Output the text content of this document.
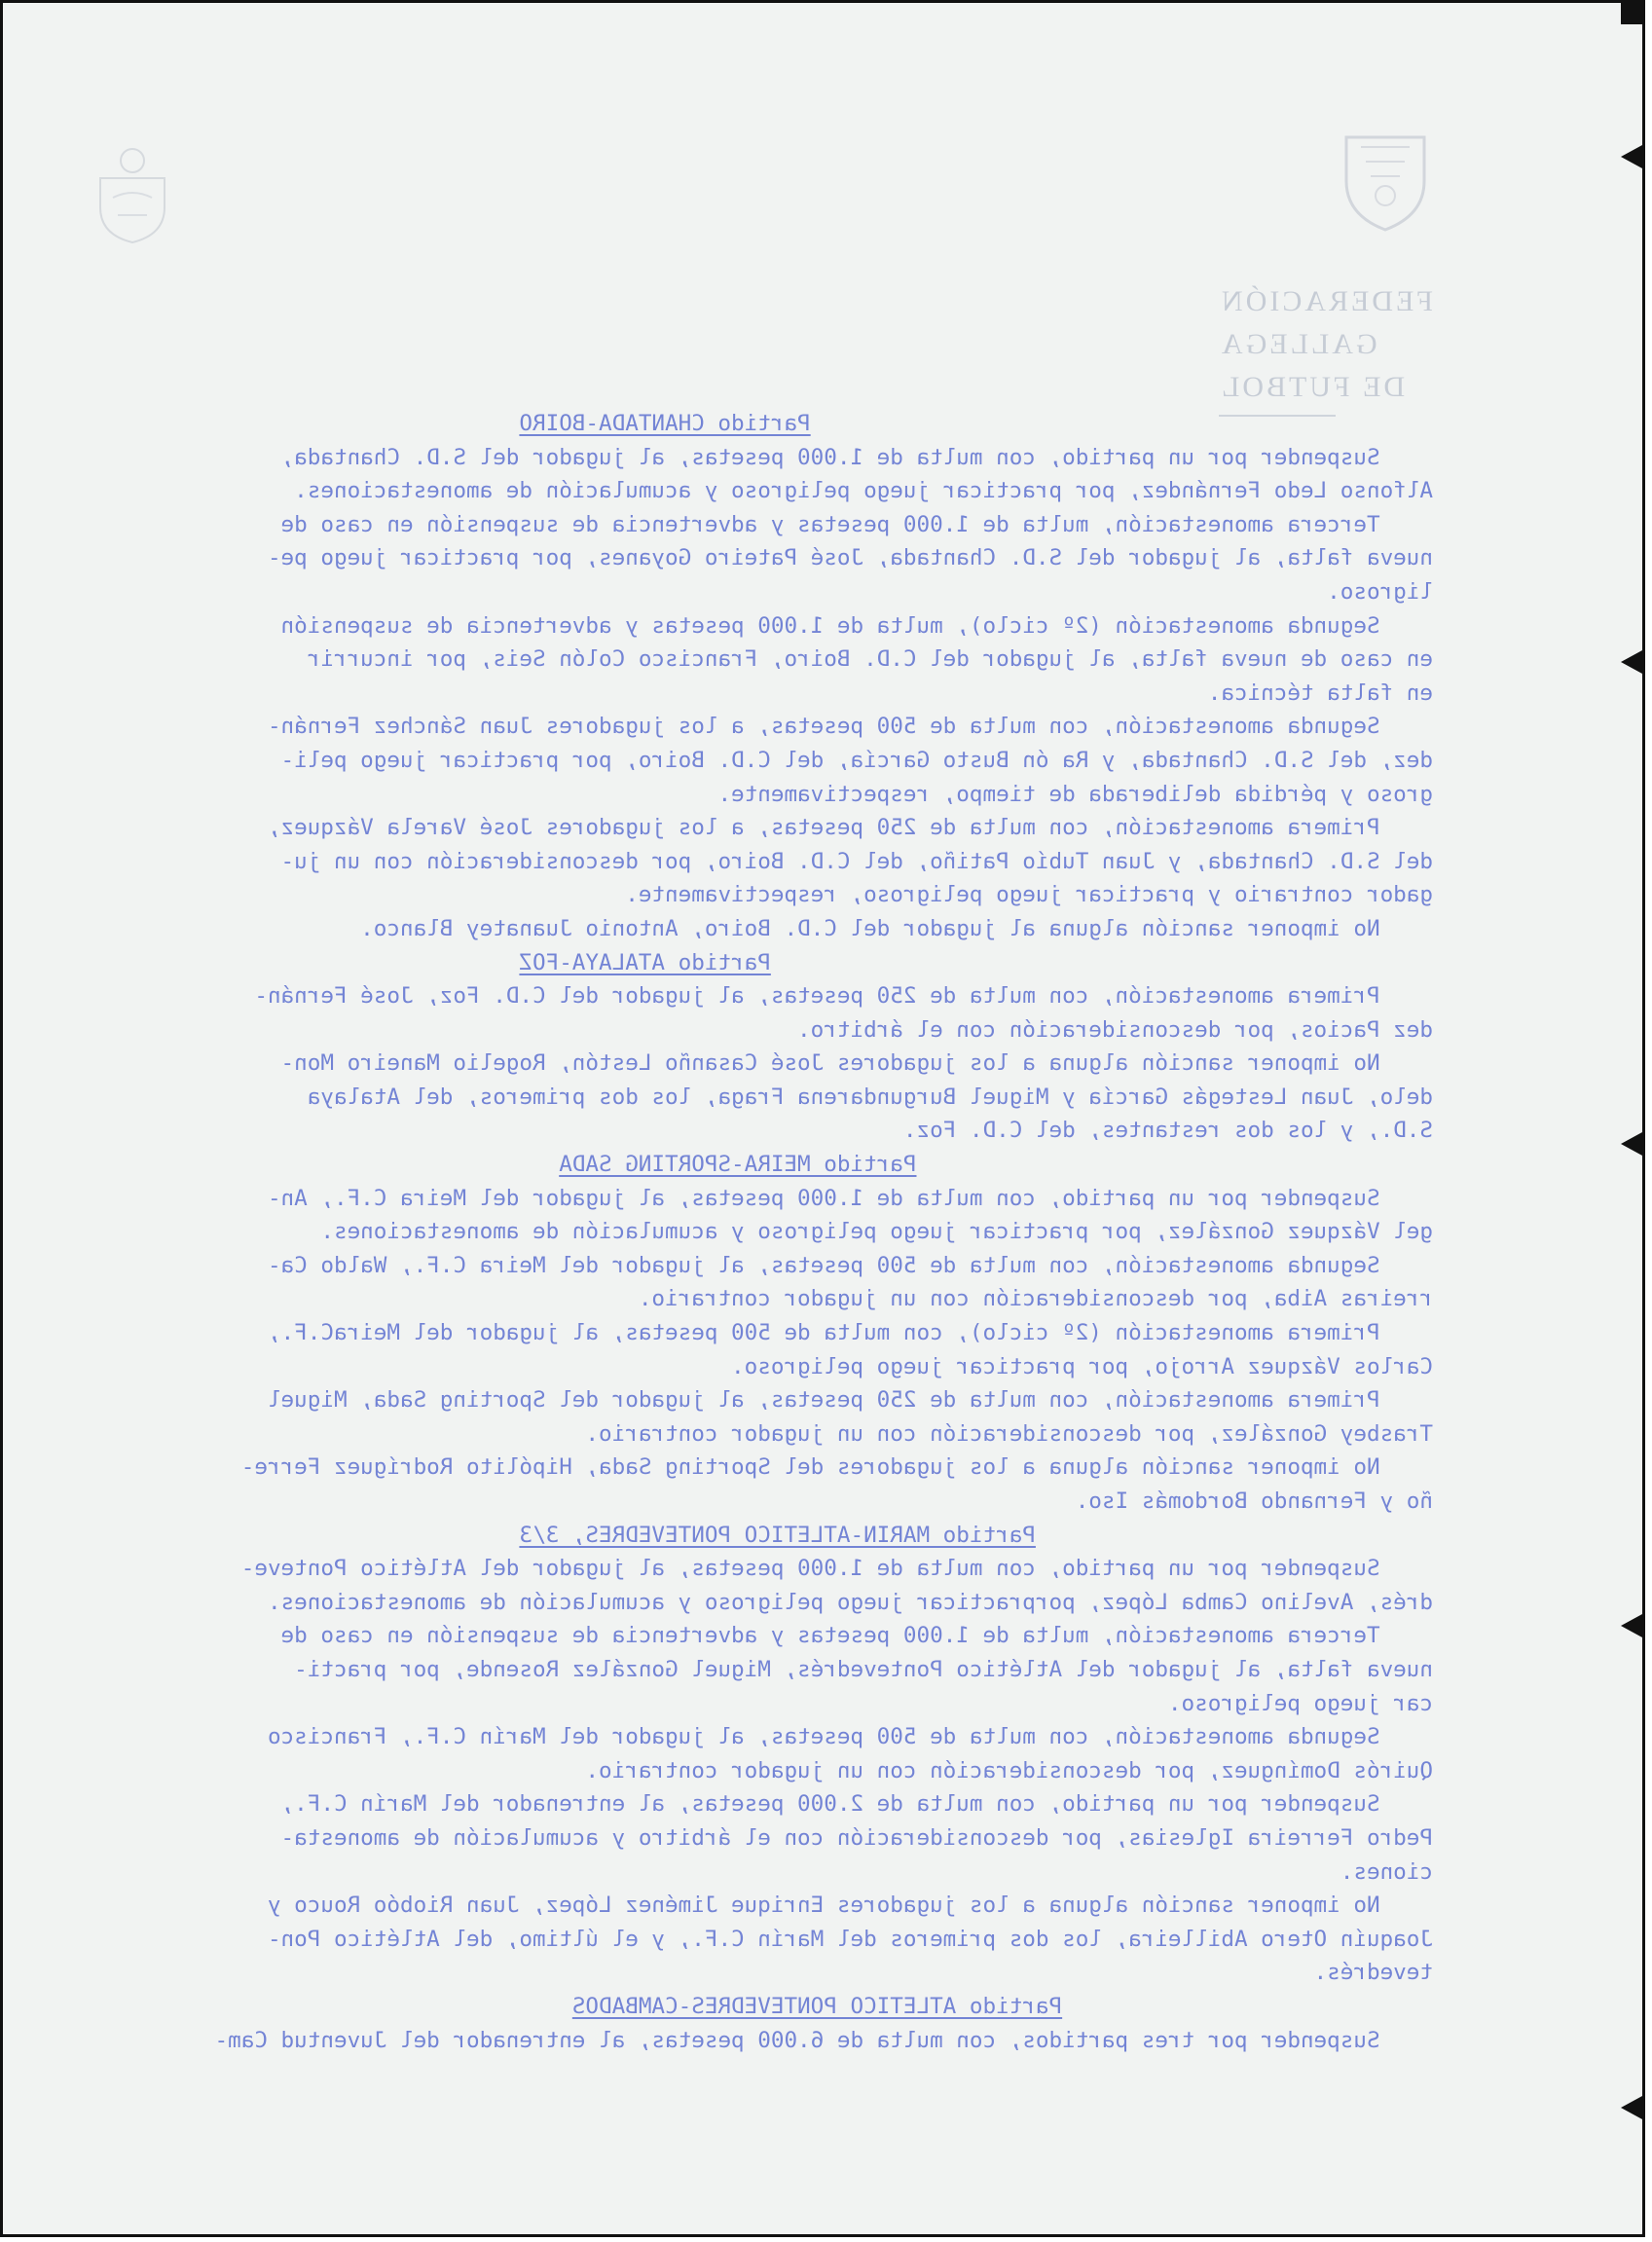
FEDERACIÓN GALLEGA
DE FUTBOL
Partido CHANTADA-BOIRO
Suspender por un partido, con multa de 1.000 pesetas, al jugador del S.D. Chantada,
Alfonso Ledo Fernández, por practicar juego peligroso y acumulación de amonestaciones.
Tercera amonestación, multa de 1.000 pesetas y advertencia de suspensión en caso de
nueva falta, al jugador del S.D. Chantada, José Pateiro Goyanes, por practicar juego pe-
ligroso.
Segunda amonestación (2º ciclo), multa de 1.000 pesetas y advertencia de suspensión
en caso de nueva falta, al jugador del C.D. Boiro, Francisco Colón Seis, por incurrir
en falta técnica.
Segunda amonestación, con multa de 500 pesetas, a los jugadores Juan Sánchez Fernán-
dez, del S.D. Chantada, y Ra ón Busto García, del C.D. Boiro, por practicar juego peli-
groso y pérdida deliberada de tiempo, respectivamente.
Primera amonestación, con multa de 250 pesetas, a los jugadores José Varela Vázquez,
del S.D. Chantada, y Juan Tubío Patiño, del C.D. Boiro, por desconsideración con un ju-
gador contrario y practicar juego peligroso, respectivamente.
No imponer sanción alguna al jugador del C.D. Boiro, Antonio Juanatey Blanco.
Partido ATALAYA-FOZ
Primera amonestación, con multa de 250 pesetas, al jugador del C.D. Foz, José Fernán-
dez Pacios, por desconsideración con el árbitro.
No imponer sanción alguna a los jugadores José Casanño Lestón, Rogelio Maneiro Mon-
delo, Juan Lestegás García y Miguel Burgundarena Fraga, los dos primeros, del Atalaya
S.D., y los dos restantes, del C.D. Foz.
Partido MEIRA-SPORTING SADA
Suspender por un partido, con multa de 1.000 pesetas, al jugador del Meira C.F., An-
gel Vázquez González, por practicar juego peligroso y acumulación de amonestaciones.
Segunda amonestación, con multa de 500 pesetas, al jugador del Meira C.F., Waldo Ca-
rreiras Aiba, por desconsideración con un jugador contrario.
Primera amonestación (2º ciclo), con multa de 500 pesetas, al jugador del MeiraC.F.,
Carlos Vázquez Arrojo, por practicar juego peligroso.
Primera amonestación, con multa de 250 pesetas, al jugador del Sporting Sada, Miguel
Trasbey González, por desconsideración con un jugador contrario.
No imponer sanción alguna a los jugadores del Sporting Sada, Hipólito Rodríguez Ferre-
ño y Fernando Bordomás Iso.
Partido MARIN-ATLETICO PONTEVEDRES, 3/3
Suspender por un partido, con multa de 1.000 pesetas, al jugador del Atlético Ponteve-
drés, Avelino Camba López, porpracticar juego peligroso y acumulación de amonestaciones.
Tercera amonestación, multa de 1.000 pesetas y advertencia de suspensión en caso de
nueva falta, al jugador del Atlético Pontevedrés, Miguel González Rosende, por practi-
car juego peligroso.
Segunda amonestación, con multa de 500 pesetas, al jugador del Marín C.F., Francisco
Quirós Domínguez, por desconsideración con un jugador contrario.
Suspender por un partido, con multa de 2.000 pesetas, al entrenador del Marín C.F.,
Pedro Ferreira Iglesias, por desconsideración con el árbitro y acumulación de amonesta-
ciones.
No imponer sanción alguna a los jugadores Enrique Jiménez López, Juan Riobóo Rouco y
Joaquín Otero Abilleira, los dos primeros del Marín C.F., y el último, del Atlético Pon-
tevedrés.
Partido ATLETICO PONTEVEDRES-CAMBADOS
Suspender por tres partidos, con multa de 6.000 pesetas, al entrenador del Juventud Cam-
